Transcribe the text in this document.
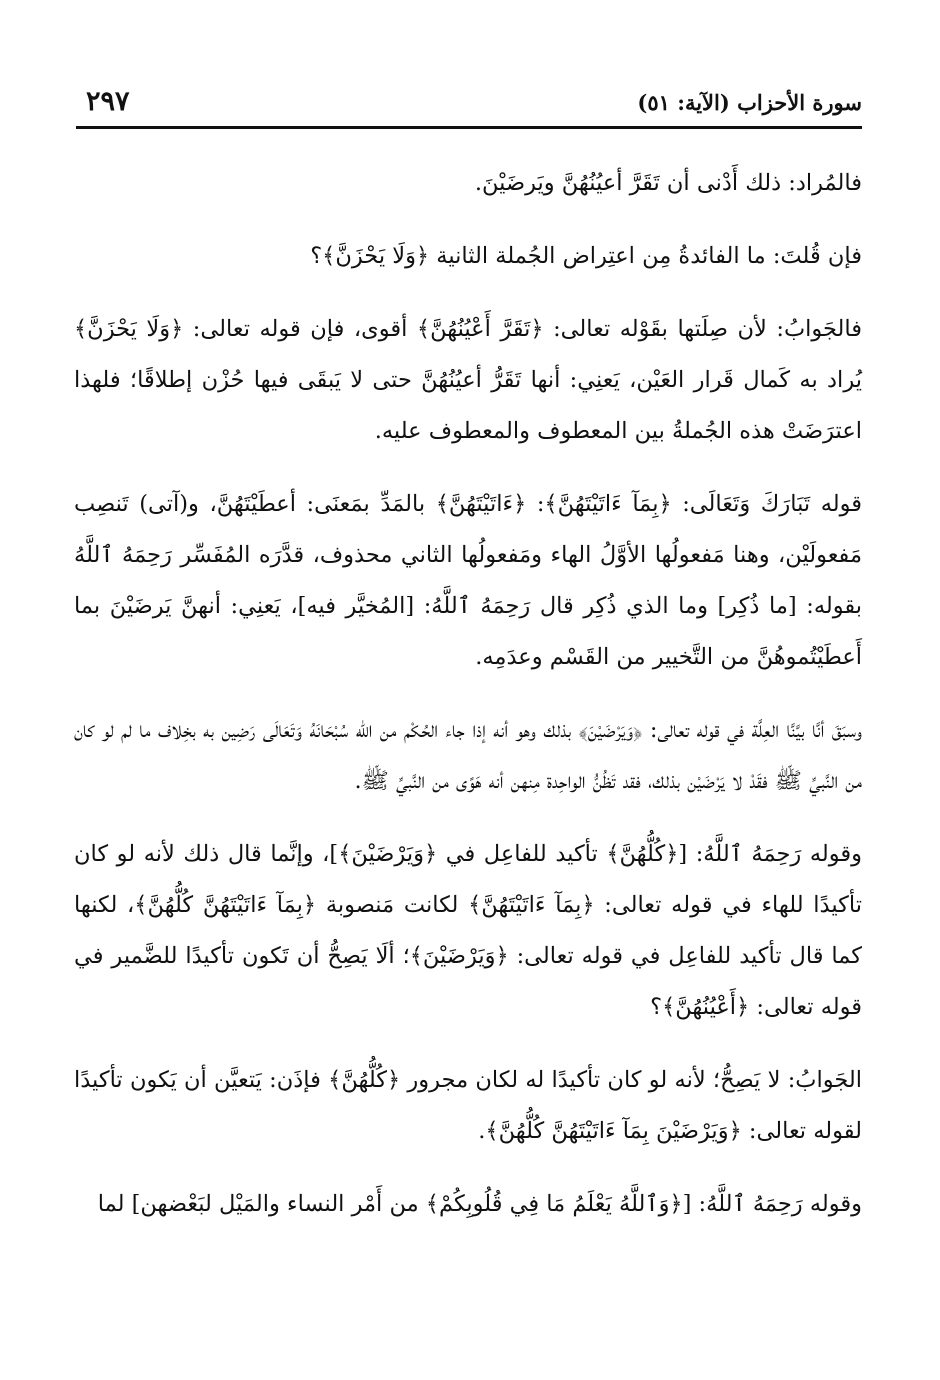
سورة الأحزاب (الآية: ٥١)
٢٩٧

فالمُراد: ذلك أَدْنى أن تَقَرَّ أعيُنُهُنَّ ويَرضَيْنَ.

فإن قُلتَ: ما الفائدةُ مِن اعتِراض الجُملة الثانية ﴿وَلَا يَحْزَنَّ﴾؟

فالجَوابُ: لأن صِلَتها بقَوْله تعالى: ﴿تَقَرَّ أَعْيُنُهُنَّ﴾ أقوى، فإن قوله تعالى: ﴿وَلَا يَحْزَنَّ﴾ يُراد به كَمال قَرار العَيْن، يَعنِي: أنها تَقَرُّ أعيُنُهُنَّ حتى لا يَبقَى فيها حُزْن إطلاقًا؛ فلهذا اعترَضَتْ هذه الجُملةُ بين المعطوف والمعطوف عليه.

قوله تَبَارَكَ وَتَعَالَى: ﴿بِمَآ ءَاتَيْتَهُنَّ﴾: ﴿ءَاتَيْتَهُنَّ﴾ بالمَدِّ بمَعنَى: أعطَيْتَهُنَّ، و(آتى) تَنصِب مَفعولَيْن، وهنا مَفعولُها الأوَّلُ الهاء ومَفعولُها الثاني محذوف، قدَّرَه المُفَسِّر رَحِمَهُ ٱللَّهُ بقوله: [ما ذُكِر] وما الذي ذُكِر قال رَحِمَهُ ٱللَّهُ: [المُخيَّر فيه]، يَعنِي: أنهنَّ يَرضَيْنَ بما أَعطَيْتُموهُنَّ من التَّخيير من القَسْم وعدَمِه.

وسبَقَ أنَّا بيَّنَّا العِلَّة في قوله تعالى: ﴿وَيَرْضَيْنَ﴾ بذلك وهو أنه إذا جاء الحُكْم من الله سُبْحَانَهُ وَتَعَالَى رَضِين به بخِلاف ما لم لو كان من النَّبيِّ ﷺ فقَدْ لا يَرْضَيْن بذلك، فقد تَظُنُّ الواحِدة مِنهن أنه هَوًى من النَّبيِّ ﷺ.

وقوله رَحِمَهُ ٱللَّهُ: [﴿كُلُّهُنَّ﴾ تأكيد للفاعِل في ﴿وَيَرْضَيْنَ﴾]، وإنَّما قال ذلك لأنه لو كان تأكيدًا للهاء في قوله تعالى: ﴿بِمَآ ءَاتَيْتَهُنَّ﴾ لكانت مَنصوبة ﴿بِمَآ ءَاتَيْتَهُنَّ كُلُّهُنَّ﴾، لكنها كما قال تأكيد للفاعِل في قوله تعالى: ﴿وَيَرْضَيْنَ﴾؛ ألَا يَصِحُّ أن تَكون تأكيدًا للضَّمير في قوله تعالى: ﴿أَعْيُنُهُنَّ﴾؟

الجَوابُ: لا يَصِحُّ؛ لأنه لو كان تأكيدًا له لكان مجرور ﴿كُلُّهُنَّ﴾ فإذَن: يَتعيَّن أن يَكون تأكيدًا لقوله تعالى: ﴿وَيَرْضَيْنَ بِمَآ ءَاتَيْتَهُنَّ كُلُّهُنَّ﴾.

وقوله رَحِمَهُ ٱللَّهُ: [﴿وَٱللَّهُ يَعْلَمُ مَا فِي قُلُوبِكُمْ﴾ من أَمْر النساء والمَيْل لبَعْضهن] لما
